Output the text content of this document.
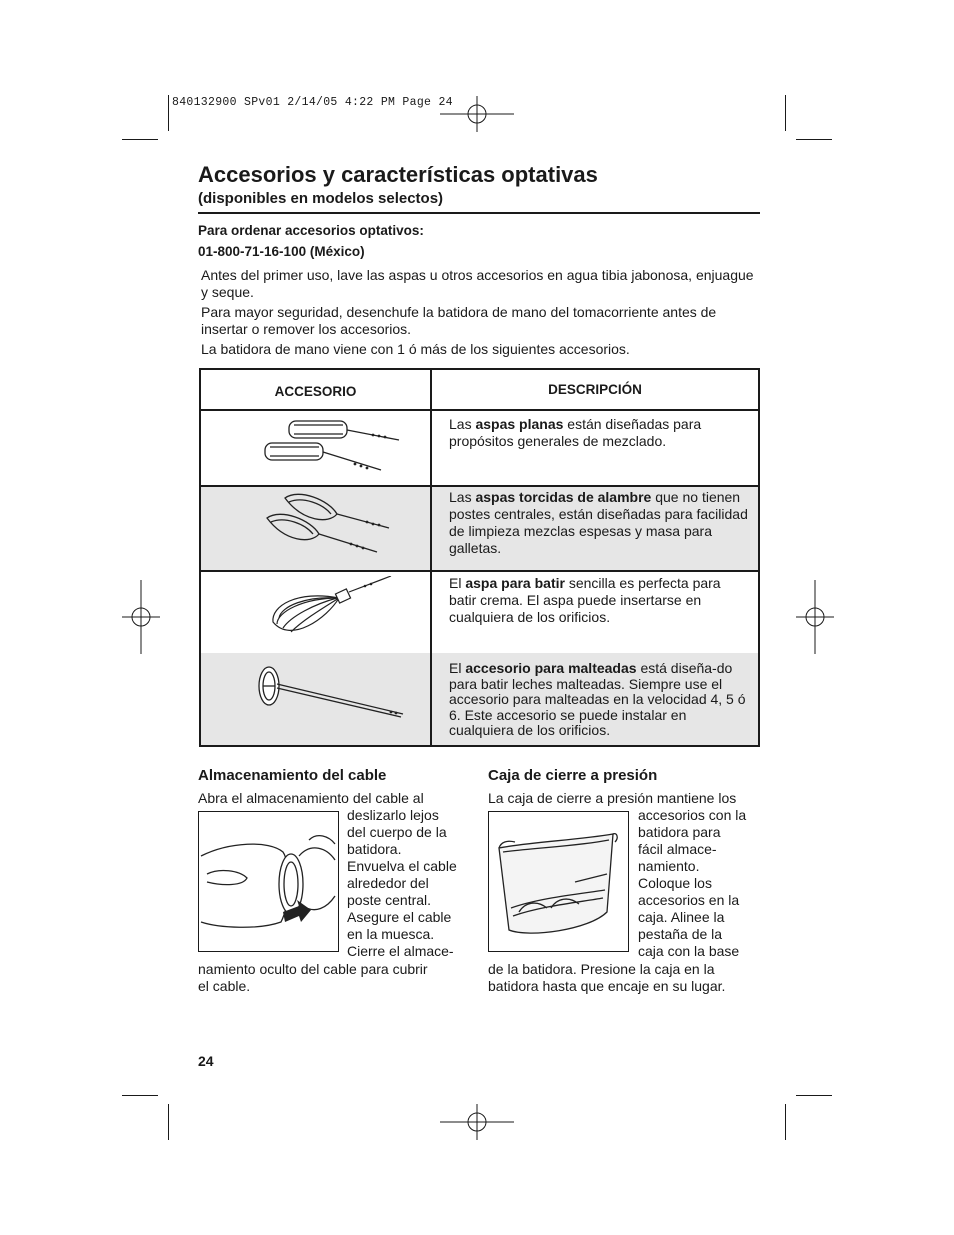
840132900 SPv01 2/14/05 4:22 PM Page 24
Accesorios y características optativas
(disponibles en modelos selectos)
Para ordenar accesorios optativos:
01-800-71-16-100 (México)

Antes del primer uso, lave las aspas u otros accesorios en agua tibia jabonosa, enjuague y seque.

Para mayor seguridad, desenchufe la batidora de mano del tomacorriente antes de insertar o remover los accesorios.

La batidora de mano viene con 1 ó más de los siguientes accesorios.

ACCESORIO	DESCRIPCIÓN
Las aspas planas están diseñadas para propósitos generales de mezclado.
Las aspas torcidas de alambre que no tienen postes centrales, están diseñadas para facilidad de limpieza mezclas espesas y masa para galletas.
El aspa para batir sencilla es perfecta para batir crema. El aspa puede insertarse en cualquiera de los orificios.
El accesorio para malteadas está diseña-do para batir leches malteadas. Siempre use el accesorio para malteadas en la velocidad 4, 5 ó 6. Este accesorio se puede instalar en cualquiera de los orificios.
Almacenamiento del cable
Abra el almacenamiento del cable al
deslizarlo lejos
del cuerpo de la
batidora.
Envuelva el cable
alrededor del
poste central.
Asegure el cable
en la muesca.
Cierre el almace-
namiento oculto del cable para cubrir
el cable.
Caja de cierre a presión
La caja de cierre a presión mantiene los
accesorios con la
batidora para
fácil almace-
namiento.
Coloque los
accesorios en la
caja. Alinee la
pestaña de la
caja con la base
de la batidora. Presione la caja en la
batidora hasta que encaje en su lugar.
24
